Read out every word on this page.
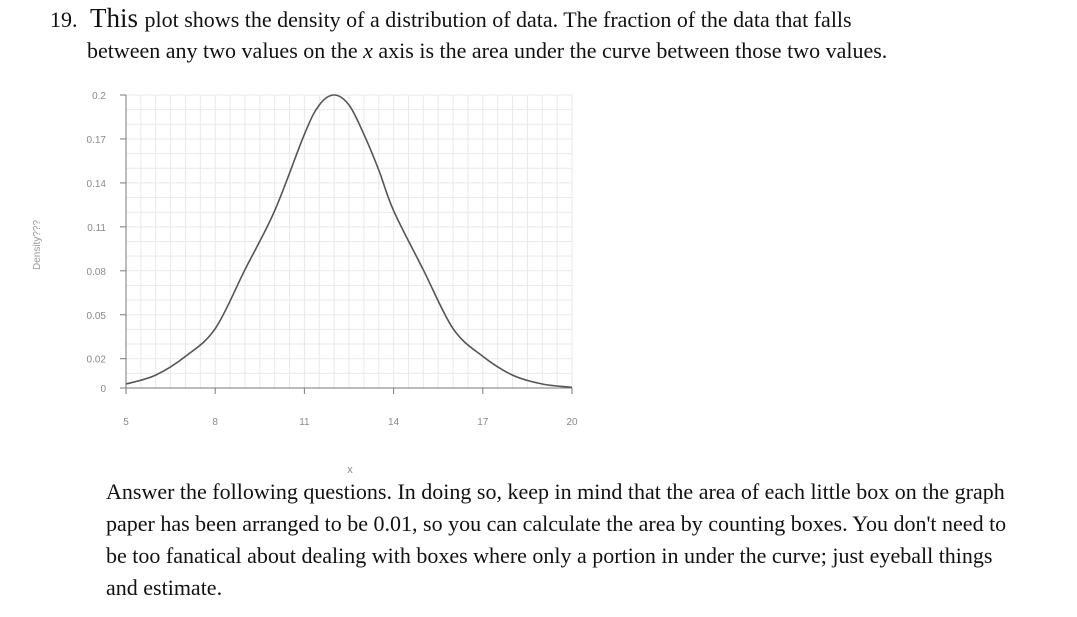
19. This plot shows the density of a distribution of data. The fraction of the data that falls
between any two values on the x axis is the area under the curve between those two values.
5	8	11	14	17	20
0
0.02
0.05
0.08
0.11
0.14
0.17
0.2
Density???
x
Answer the following questions. In doing so, keep in mind that the area of each little box on the graph paper has been arranged to be 0.01, so you can calculate the area by counting boxes. You don't need to be too fanatical about dealing with boxes where only a portion in under the curve; just eyeball things and estimate.
